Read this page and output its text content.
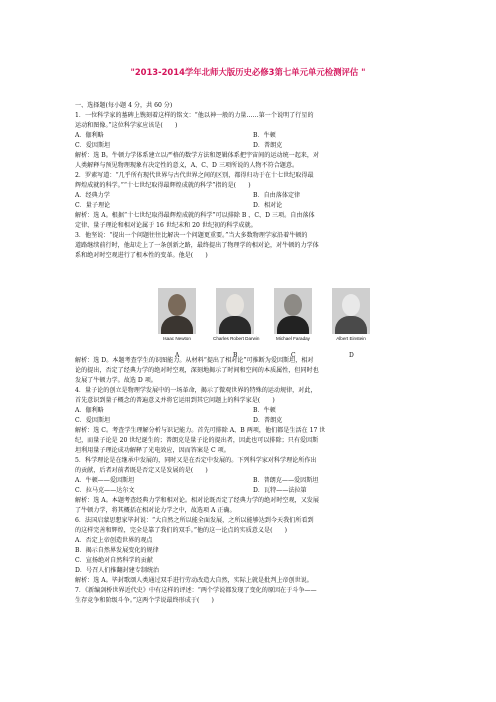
"2013-2014学年北师大版历史必修3第七单元单元检测评估 "
一、选择题(每小题 4 分，共 60 分)
1．一位科学家的墓碑上镌刻着这样的铭文：“他以神一般的力量……第一个说明了行星的
运动和图像。”这位科学家应该是(　　)
A．伽利略	B．牛顿
C．爱因斯坦	D．普朗克
解析：选 B。牛顿力学体系建立以严格的数学方法和逻辑体系把宇宙间的运动统一起来，对
人类解释与预见物理现象有决定性的意义，A、C、D 三项所说的人物不符合题意。
2．罗素写道：“几乎所有现代世界与古代世界之间的区别，都得归功于在十七世纪取得最
辉煌成就的科学。”“十七世纪取得最辉煌成就的科学”指的是(　　)
A．经典力学	B．自由落体定律
C．量子理论	D．相对论
解析：选 A。根据“十七世纪取得最辉煌成就的科学”可以排除 B 、C、D 三项。自由落体
定律、量子理论和相对论属于 16 世纪末和 20 世纪初的科学成就。
3．他坚说：“提出一个问题往往比解决一个问题更重要。”当大多数物理学家沿着牛顿的
道路继续前行时，他却走上了一条创新之路，最终提出了物理学的相对论，对牛顿的力学体
系和绝对时空观进行了根本性的变革。他是(　　)
Isaac Newton	Charles Robert Darwin	Michael Faraday	Albert Einstein
A	B	C	D
解析：选 D。本题考查学生的识图能力。从材料“提出了相对论”可推断为爱因斯坦，相对
论的提出，否定了经典力学的绝对时空观，深刻地揭示了时间和空间的本质属性，但同时也
发展了牛顿力学。故选 D 项。
4．量子论的创立是物理学发展中的一场革命，揭示了微观世界的特殊的运动规律，对此，
首先意识到量子概念的普遍意义并将它运用到其它问题上的科学家是(　　)
A．伽利略	B．牛顿
C．爱因斯坦	D．普朗克
解析：选 C。考查学生理解分析与识记能力。首先可排除 A、B 两项，他们都是生活在 17 世
纪，而量子论是 20 世纪诞生的；普朗克是量子论的提出者，因此也可以排除；只有爱因斯
坦利用量子理论成功解释了光电效应，因而答案是 C 项。
5．科学理论是在继承中发展的，同时又是在否定中发展的。下列科学家对科学理论所作出
的贡献，后者对前者既是否定又是发展的是(　　)
A．牛顿——爱因斯坦	B．普朗克——爱因斯坦
C．拉马克——达尔文	D．瓦特——法拉第
解析：选 A。本题考查经典力学和相对论。相对论既否定了经典力学的绝对时空观，又发展
了牛顿力学，将其概括在相对论力学之中，故选项 A 正确。
6．法国启蒙思想家毕封说：“大自然之所以能全面发展，之所以能够达到今天我们所看到
的这样完善和辉煌，完全是靠了我们的双手。”他的这一论点的实质意义是(　　)
A．否定上帝创造世界的观点
B．揭示自然界发展变化的规律
C．宣扬绝对自然科学的贡献
D．号召人们推翻封建专制统治
解析：选 A。毕封歌颂人类通过双手进行劳动改造大自然，实际上就是批判上帝创世说。
7．《新编剑桥世界近代史》中有这样的评述：“两个学说都发现了变化的原因在于斗争——
生存竞争和阶级斗争。”这两个学说最终形成于(　　)
